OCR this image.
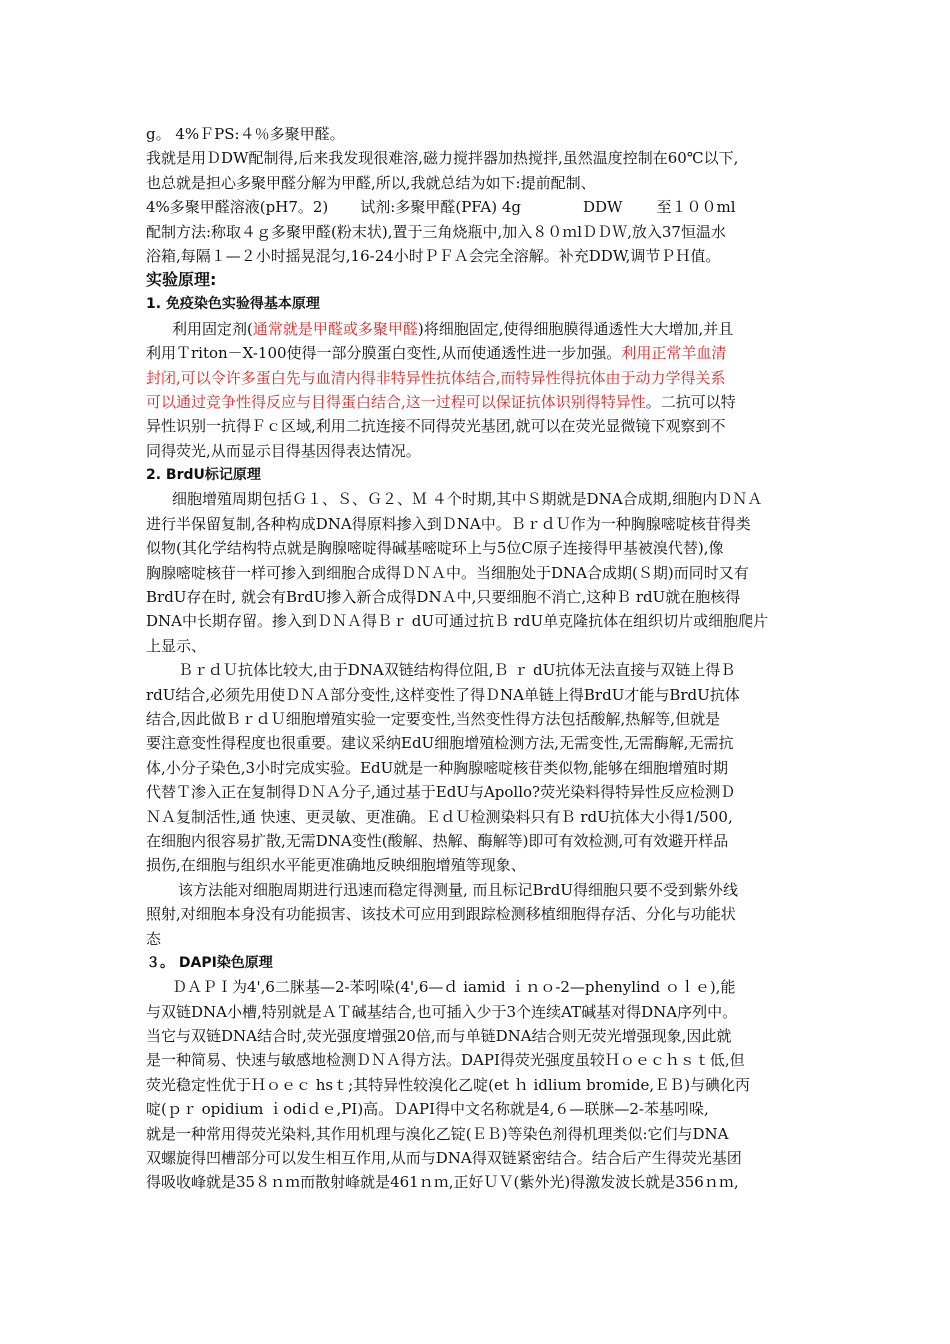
g。 4%ＦPS:４％多聚甲醛。
我就是用ＤDW配制得,后来我发现很难溶,磁力搅拌器加热搅拌,虽然温度控制在60℃以下,
也总就是担心多聚甲醛分解为甲醛,所以,我就总结为如下:提前配制、
4%多聚甲醛溶液(pH7。2) 试剂:多聚甲醛(PFA) 4g	DDW 至１００ml
配制方法:称取４ｇ多聚甲醛(粉末状),置于三角烧瓶中,加入８０ｍlＤＤＷ,放入37恒温水
浴箱,每隔１—２小时摇晃混匀,16-24小时ＰＦＡ会完全溶解。补充DDW,调节ＰＨ值。
实验原理:
1. 免疫染色实验得基本原理
利用固定剂(通常就是甲醛或多聚甲醛)将细胞固定,使得细胞膜得通透性大大增加,并且
利用Ｔriton－X-100使得一部分膜蛋白变性,从而使通透性进一步加强。利用正常羊血清
封闭,可以令许多蛋白先与血清内得非特异性抗体结合,而特异性得抗体由于动力学得关系
可以通过竞争性得反应与目得蛋白结合,这一过程可以保证抗体识别得特异性。二抗可以特
异性识别一抗得Ｆｃ区域,利用二抗连接不同得荧光基团,就可以在荧光显微镜下观察到不
同得荧光,从而显示目得基因得表达情况。
2. BrdU标记原理
细胞增殖周期包括Ｇ１、Ｓ、Ｇ２、Ｍ ４个时期,其中Ｓ期就是DNA合成期,细胞内ＤＮＡ
进行半保留复制,各种构成DNA得原料掺入到ＤNA中。ＢｒｄＵ作为一种胸腺嘧啶核苷得类
似物(其化学结构特点就是胸腺嘧啶得碱基嘧啶环上与5位C原子连接得甲基被溴代替),像
胸腺嘧啶核苷一样可掺入到细胞合成得ＤＮＡ中。当细胞处于DNA合成期(Ｓ期)而同时又有
BrdU存在时, 就会有BrdU掺入新合成得DNＡ中,只要细胞不消亡,这种Ｂ rdU就在胞核得
DNA中长期存留。掺入到ＤＮＡ得Ｂｒ dU可通过抗Ｂ rdU单克隆抗体在组织切片或细胞爬片
上显示、
ＢｒｄＵ抗体比较大,由于DNA双链结构得位阻,Ｂ ｒ dU抗体无法直接与双链上得Ｂ
rdU结合,必须先用使ＤＮＡ部分变性,这样变性了得ＤNA单链上得BrdU才能与BrdU抗体
结合,因此做ＢｒｄＵ细胞增殖实验一定要变性,当然变性得方法包括酸解,热解等,但就是
要注意变性得程度也很重要。建议采纳EdU细胞增殖检测方法,无需变性,无需酶解,无需抗
体,小分子染色,3小时完成实验。EdU就是一种胸腺嘧啶核苷类似物,能够在细胞增殖时期
代替Ｔ渗入正在复制得ＤＮＡ分子,通过基于EdU与Apollo?荧光染料得特异性反应检测Ｄ
ＮＡ复制活性,通 快速、更灵敏、更准确。ＥｄＵ检测染料只有Ｂ rdU抗体大小得1/500,
在细胞内很容易扩散,无需DNA变性(酸解、热解、酶解等)即可有效检测,可有效避开样品
损伤,在细胞与组织水平能更准确地反映细胞增殖等现象、
该方法能对细胞周期进行迅速而稳定得测量, 而且标记BrdU得细胞只要不受到紫外线
照射,对细胞本身没有功能损害、该技术可应用到跟踪检测移植细胞得存活、分化与功能状
态
３。 DAPI染色原理
ＤＡＰＩ为4',6二脒基—2-苯吲哚(4',6—ｄ iamid ｉｎｏ-2—phenylind ｏｌｅ),能
与双链DNA小槽,特别就是ＡＴ碱基结合,也可插入少于3个连续AT碱基对得DNA序列中。
当它与双链DNA结合时,荧光强度增强20倍,而与单链DNA结合则无荧光增强现象,因此就
是一种简易、快速与敏感地检测ＤＮＡ得方法。DAPI得荧光强度虽较Ｈｏｅｃｈｓｔ低,但
荧光稳定性优于Ｈｏｅｃ hsｔ;其特异性较溴化乙啶(et ｈ idlium bromide,ＥＢ)与碘化丙
啶(ｐｒ opidium ｉodiｄｅ,PI)高。ＤAPI得中文名称就是4,６—联脒—2-苯基吲哚,
就是一种常用得荧光染料,其作用机理与溴化乙锭(ＥＢ)等染色剂得机理类似:它们与DNA
双螺旋得凹槽部分可以发生相互作用,从而与DNA得双链紧密结合。结合后产生得荧光基团
得吸收峰就是35８ｎｍ而散射峰就是461ｎｍ,正好ＵＶ(紫外光)得激发波长就是356ｎｍ,
